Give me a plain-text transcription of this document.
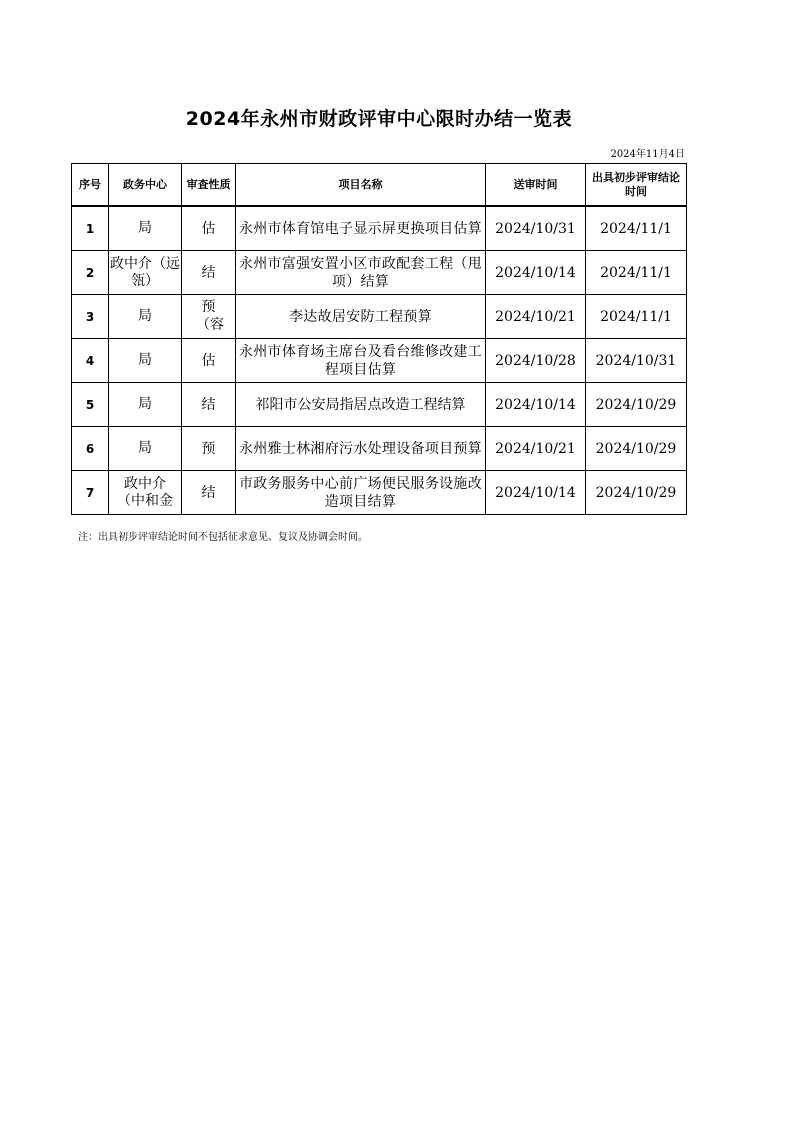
2024年永州市财政评审中心限时办结一览表
2024年11月4日
序号	政务中心	审查性质	项目名称	送审时间	出具初步评审结论时间
1	局	估	永州市体育馆电子显示屏更换项目估算	2024/10/31	2024/11/1
2	政中介（远瓴）	结	永州市富强安置小区市政配套工程（甩项）结算	2024/10/14	2024/11/1
3	局	预（容	李达故居安防工程预算	2024/10/21	2024/11/1
4	局	估	永州市体育场主席台及看台维修改建工程项目估算	2024/10/28	2024/10/31
5	局	结	祁阳市公安局指居点改造工程结算	2024/10/14	2024/10/29
6	局	预	永州雅士林湘府污水处理设备项目预算	2024/10/21	2024/10/29
7	政中介（中和金	结	市政务服务中心前广场便民服务设施改造项目结算	2024/10/14	2024/10/29
注：出具初步评审结论时间不包括征求意见、复议及协调会时间。
